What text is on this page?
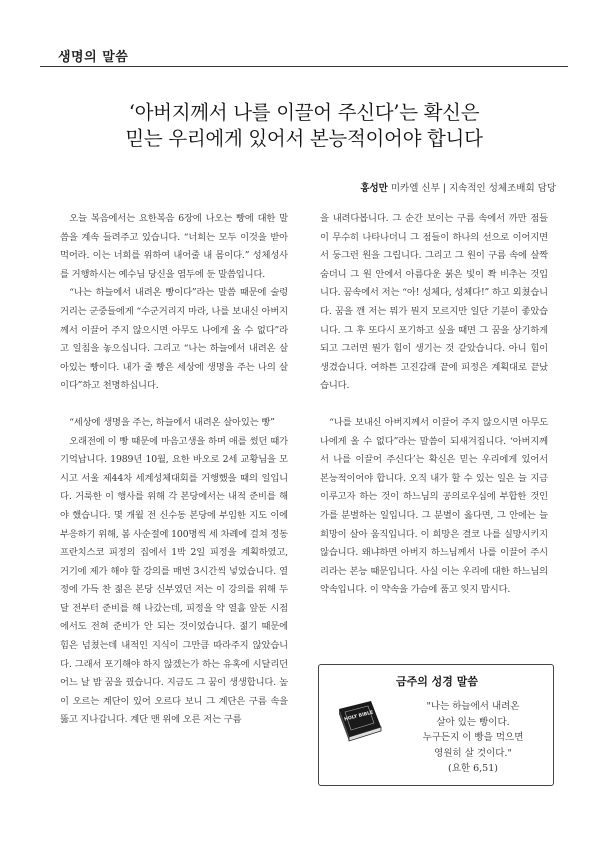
생명의 말씀
‘아버지께서 나를 이끌어 주신다’는 확신은
믿는 우리에게 있어서 본능적이어야 합니다
홍성만 미카엘 신부 | 지속적인 성체조배회 담당

오늘 복음에서는 요한복음 6장에 나오는 빵에 대한 말씀을 계속 들려주고 있습니다. “너희는 모두 이것을 받아먹어라. 이는 너희를 위하여 내어줄 내 몸이다.” 성체성사를 거행하시는 예수님 당신을 염두에 둔 말씀입니다.

“나는 하늘에서 내려온 빵이다”라는 말씀 때문에 술렁거리는 군중들에게 “수군거리지 마라, 나를 보내신 아버지께서 이끌어 주지 않으시면 아무도 나에게 올 수 없다”라고 일침을 놓으십니다. 그리고 “나는 하늘에서 내려온 살아있는 빵이다. 내가 줄 빵은 세상에 생명을 주는 나의 살이다”하고 천명하십니다.

“세상에 생명을 주는, 하늘에서 내려온 살아있는 빵”

오래전에 이 빵 때문에 마음고생을 하며 애를 썼던 때가 기억납니다. 1989년 10월, 요한 바오로 2세 교황님을 모시고 서울 제44차 세계성체대회를 거행했을 때의 일입니다. 거룩한 이 행사를 위해 각 본당에서는 내적 준비를 해야 했습니다. 몇 개월 전 신수동 본당에 부임한 지도 이에 부응하기 위해, 봄 사순절에 100명씩 세 차례에 걸쳐 정동 프란치스코 피정의 집에서 1박 2일 피정을 계획하였고, 거기에 제가 해야 할 강의를 매번 3시간씩 넣었습니다. 열정에 가득 찬 젊은 본당 신부였던 저는 이 강의를 위해 두 달 전부터 준비를 해 나갔는데, 피정을 약 열흘 앞둔 시점에서도 전혀 준비가 안 되는 것이었습니다. 젊기 때문에 힘은 넘쳤는데 내적인 지식이 그만큼 따라주지 않았습니다. 그래서 포기해야 하지 않겠는가 하는 유혹에 시달리던 어느 날 밤 꿈을 꿨습니다. 지금도 그 꿈이 생생합니다. 높이 오르는 계단이 있어 오르다 보니 그 계단은 구름 속을 뚫고 지나갑니다. 계단 맨 위에 오른 저는 구름

을 내려다봅니다. 그 순간 보이는 구름 속에서 까만 점들이 무수히 나타나더니 그 점들이 하나의 선으로 이어지면서 둥그런 원을 그립니다. 그리고 그 원이 구름 속에 살짝 숨더니 그 원 안에서 아름다운 붉은 빛이 쫙 비추는 것입니다. 꿈속에서 저는 “아! 성체다, 성체다!” 하고 외쳤습니다. 꿈을 깬 저는 뭐가 뭔지 모르지만 일단 기분이 좋았습니다. 그 후 또다시 포기하고 싶을 때면 그 꿈을 상기하게 되고 그러면 뭔가 힘이 생기는 것 같았습니다. 아니 힘이 생겼습니다. 여하튼 고진감래 끝에 피정은 계획대로 끝났습니다.

“나를 보내신 아버지께서 이끌어 주지 않으시면 아무도 나에게 올 수 없다”라는 말씀이 되새겨집니다. ‘아버지께서 나를 이끌어 주신다’는 확신은 믿는 우리에게 있어서 본능적이어야 합니다. 오직 내가 할 수 있는 일은 늘 지금 이루고자 하는 것이 하느님의 공의로우심에 부합한 것인가를 분별하는 일입니다. 그 분별이 옳다면, 그 안에는 늘 희망이 살아 움직입니다. 이 희망은 결코 나를 실망시키지 않습니다. 왜냐하면 아버지 하느님께서 나를 이끌어 주시리라는 본능 때문입니다. 사실 이는 우리에 대한 하느님의 약속입니다. 이 약속을 가슴에 품고 잊지 맙시다.

금주의 성경 말씀
HOLY BIBLE
"나는 하늘에서 내려온
살아 있는 빵이다.
누구든지 이 빵을 먹으면
영원히 살 것이다."
(요한 6,51)
